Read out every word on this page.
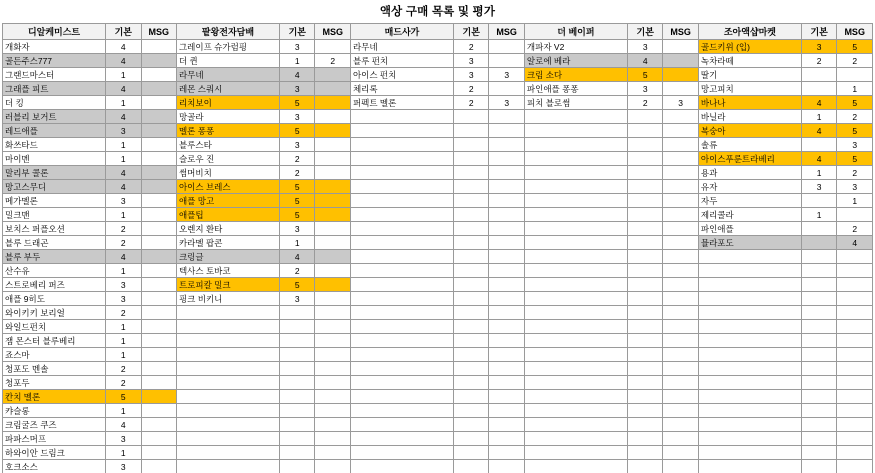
액상 구매 목록 및 평가
디알케미스트	기본	MSG	팥왕전자담배	기본	MSG	매드사가	기본	MSG	더 베이퍼	기본	MSG	조아액샵마켓	기본	MSG
개화자	4		그레이프 슈가럼핑	3		라무네	2		개파자 V2	3		골드키위 (입)	3	5
골든주스777	4		더 퀸	1	2	블루 펀치	3		알로에 베라	4		녹차라떼	2	2
그랜드마스터	1		라무네	4		아이스 펀치	3	3	크림 소다	5		딸기		
그래플 피트	4		레몬 스쿼시	3		체리록	2		파인애플 퐁퐁	3		망고피치		1
더 킹	1		리치보이	5		퍼펙트 멜론	2	3	피치 블로썸	2	3	바나나	4	5
러블리 보거트	4		망골라	3								바닐라	1	2
레드애플	3		멜론 퐁퐁	5								복숭아	4	5
화쓰타드	1		블루스타	3								솔류		3
마이멘	1		슬로우 진	2								아이스푸룬트라베리	4	5
말리부 콜론	4		썸머비치	2								용과	1	2
망고스무디	4		아이스 브레스	5								유자	3	3
메가멜론	3		애플 망고	5								자두		1
밀크맨	1		애플팁	5								제리콜라	1	
보치스 퍼플오션	2		오렌지 환타	3								파인애플		2
블루 드래곤	2		카라멜 팝콘	1								뮬라포도		4
블루 부두	4		크링글	4										
산수유	1		텍사스 토바코	2										
스트로베리 퍼즈	3		트로피칼 밀크	5										
애플 9히도	3		핑크 비키니	3										
와이키키 보리얼	2													
와일드펀치	1													
잼 몬스터 블루베리	1													
죠스마	1													
청포도 멘솔	2													
청포두	2													
칸치 멜론	5													
캬슬롱	1													
크림굴즈 쿠즈	4													
파파스머프	3													
하와이안 드림크	1													
호크소스	3													
